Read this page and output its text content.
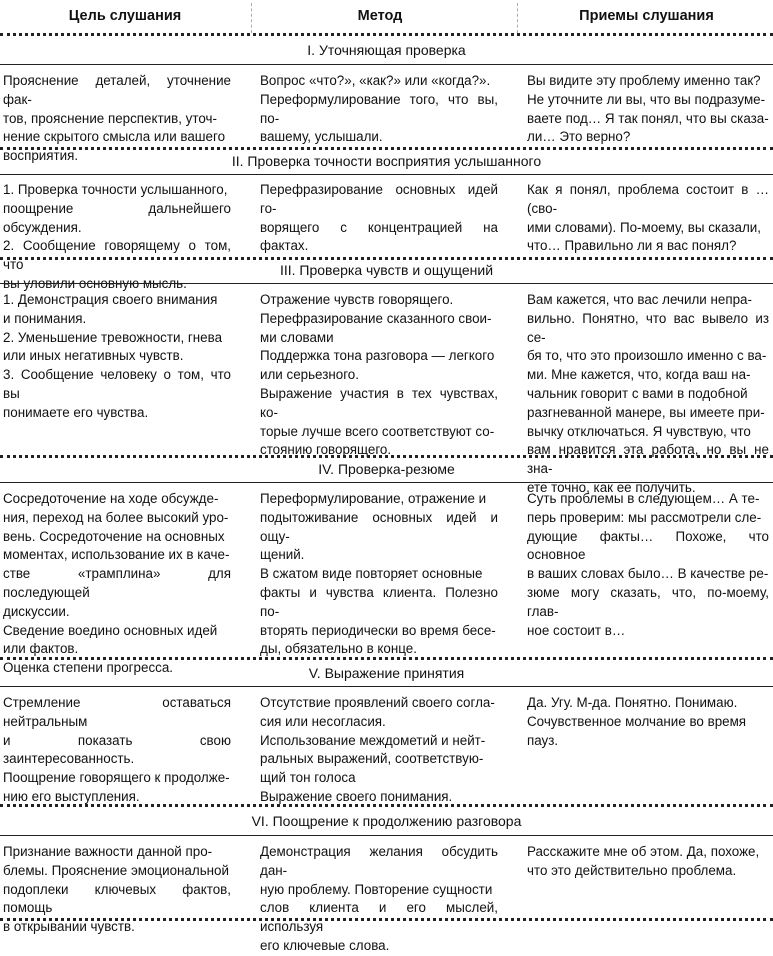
Цель слушания	Метод	Приемы слушания
I. Уточняющая проверка
Прояснение деталей, уточнение фак-
тов, прояснение перспектив, уточ-
нение скрытого смысла или вашего
восприятия.
Вопрос «что?», «как?» или «когда?».
Переформулирование того, что вы, по-
вашему, услышали.
Вы видите эту проблему именно так?
Не уточните ли вы, что вы подразуме-
ваете под… Я так понял, что вы сказа-
ли… Это верно?
II. Проверка точности восприятия услышанного
1. Проверка точности услышанного,
поощрение дальнейшего обсуждения.
2. Сообщение говорящему о том, что
вы уловили основную мысль.
Перефразирование основных идей го-
ворящего с концентрацией на фактах.
Как я понял, проблема состоит в … (сво-
ими словами). По-моему, вы сказали,
что… Правильно ли я вас понял?
III. Проверка чувств и ощущений
1. Демонстрация своего внимания
и понимания.
2. Уменьшение тревожности, гнева
или иных негативных чувств.
3. Сообщение человеку о том, что вы
понимаете его чувства.
Отражение чувств говорящего.
Перефразирование сказанного свои-
ми словами
Поддержка тона разговора — легкого
или серьезного.
Выражение участия в тех чувствах, ко-
торые лучше всего соответствуют со-
стоянию говорящего.
Вам кажется, что вас лечили непра-
вильно. Понятно, что вас вывело из се-
бя то, что это произошло именно с ва-
ми. Мне кажется, что, когда ваш на-
чальник говорит с вами в подобной
разгневанной манере, вы имеете при-
вычку отключаться. Я чувствую, что
вам нравится эта работа, но вы не зна-
ете точно, как ее получить.
IV. Проверка-резюме
Сосредоточение на ходе обсужде-
ния, переход на более высокий уро-
вень. Сосредоточение на основных
моментах, использование их в каче-
стве «трамплина» для последующей
дискуссии.
Сведение воедино основных идей
или фактов.
Оценка степени прогресса.
Переформулирование, отражение и
подытоживание основных идей и ощу-
щений.
В сжатом виде повторяет основные
факты и чувства клиента. Полезно по-
вторять периодически во время бесе-
ды, обязательно в конце.
Суть проблемы в следующем… А те-
перь проверим: мы рассмотрели сле-
дующие факты… Похоже, что основное
в ваших словах было… В качестве ре-
зюме могу сказать, что, по-моему, глав-
ное состоит в…
V. Выражение принятия
Стремление оставаться нейтральным
и показать свою заинтересованность.
Поощрение говорящего к продолже-
нию его выступления.
Отсутствие проявлений своего согла-
сия или несогласия.
Использование междометий и нейт-
ральных выражений, соответствую-
щий тон голоса
Выражение своего понимания.
Да. Угу. М-да. Понятно. Понимаю.
Сочувственное молчание во время
пауз.
VI. Поощрение к продолжению разговора
Признание важности данной про-
блемы. Прояснение эмоциональной
подоплеки ключевых фактов, помощь
в открывании чувств.
Демонстрация желания обсудить дан-
ную проблему. Повторение сущности
слов клиента и его мыслей, используя
его ключевые слова.
Расскажите мне об этом. Да, похоже,
что это действительно проблема.
